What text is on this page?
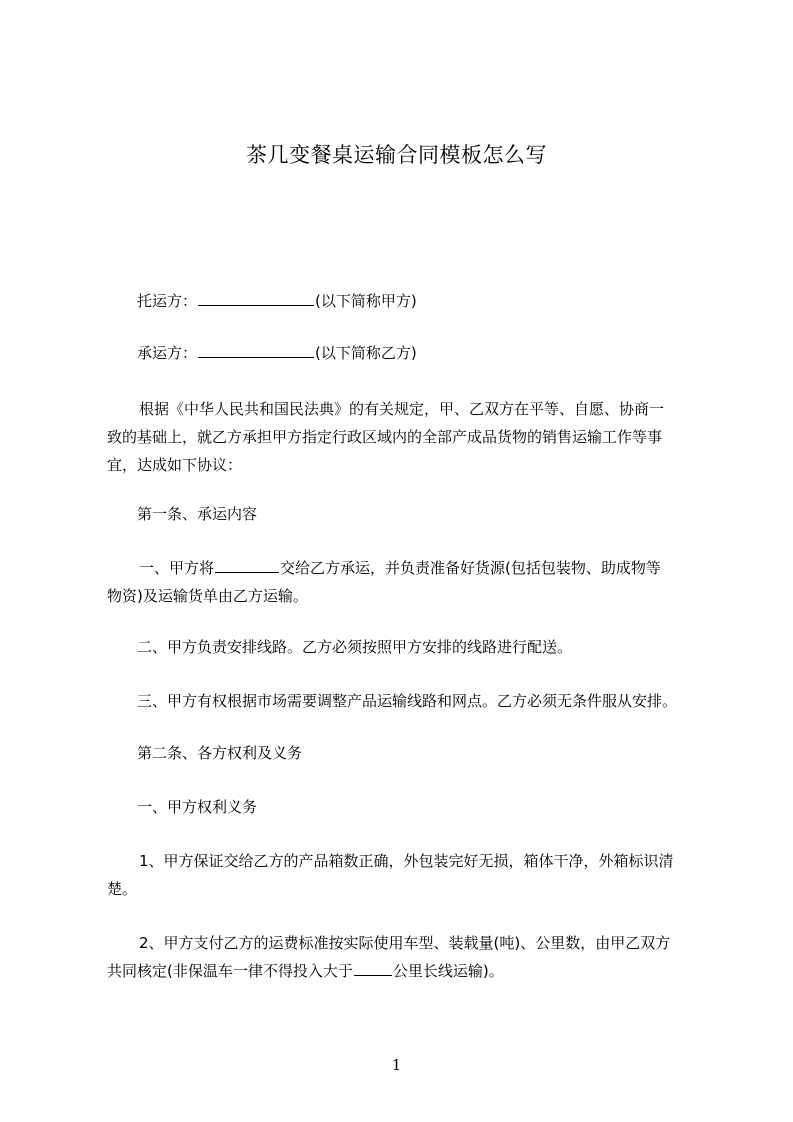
茶几变餐桌运输合同模板怎么写
托运方：	(以下简称甲方)
承运方：	(以下简称乙方)
根据《中华人民共和国民法典》的有关规定，甲、乙双方在平等、自愿、协商一
致的基础上，就乙方承担甲方指定行政区域内的全部产成品货物的销售运输工作等事
宜，达成如下协议：
第一条、承运内容
一、甲方将	交给乙方承运，并负责准备好货源(包括包装物、助成物等
物资)及运输货单由乙方运输。
二、甲方负责安排线路。乙方必须按照甲方安排的线路进行配送。
三、甲方有权根据市场需要调整产品运输线路和网点。乙方必须无条件服从安排。
第二条、各方权利及义务
一、甲方权利义务
1、甲方保证交给乙方的产品箱数正确，外包装完好无损，箱体干净，外箱标识清
楚。
2、甲方支付乙方的运费标准按实际使用车型、装载量(吨)、公里数，由甲乙双方
共同核定(非保温车一律不得投入大于	公里长线运输)。
1
